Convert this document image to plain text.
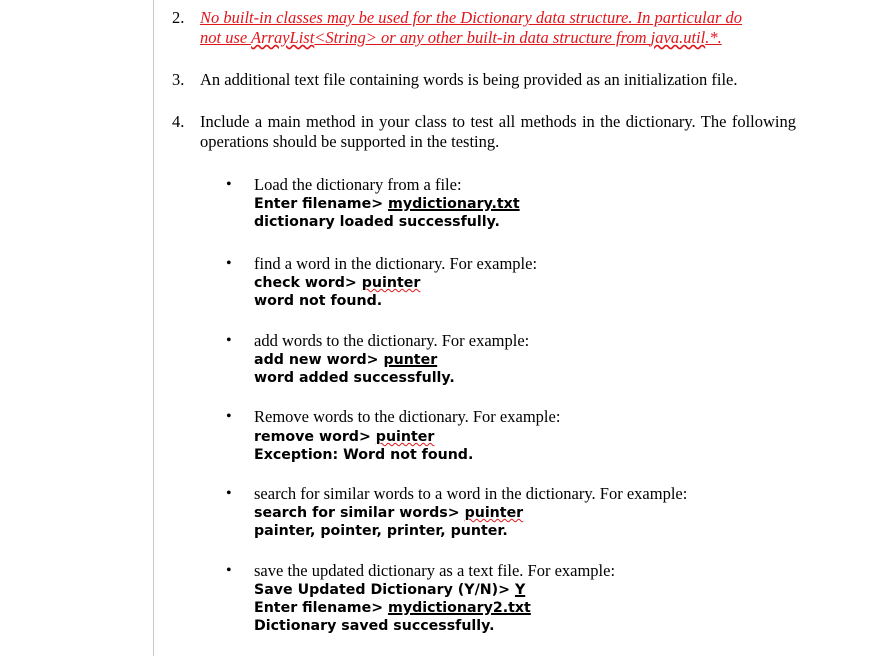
2. No built-in classes may be used for the Dictionary data structure. In particular do
not use ArrayList<String> or any other built-in data structure from java.util.*.
3. An additional text file containing words is being provided as an initialization file.
4. Include a main method in your class to test all methods in the dictionary. The following operations should be supported in the testing.
• Load the dictionary from a file:
Enter filename> mydictionary.txt
dictionary loaded successfully.
• find a word in the dictionary. For example:
check word> puinter
word not found.
• add words to the dictionary. For example:
add new word> punter
word added successfully.
• Remove words to the dictionary. For example:
remove word> puinter
Exception: Word not found.
• search for similar words to a word in the dictionary. For example:
search for similar words> puinter
painter, pointer, printer, punter.
• save the updated dictionary as a text file. For example:
Save Updated Dictionary (Y/N)> Y
Enter filename> mydictionary2.txt
Dictionary saved successfully.
